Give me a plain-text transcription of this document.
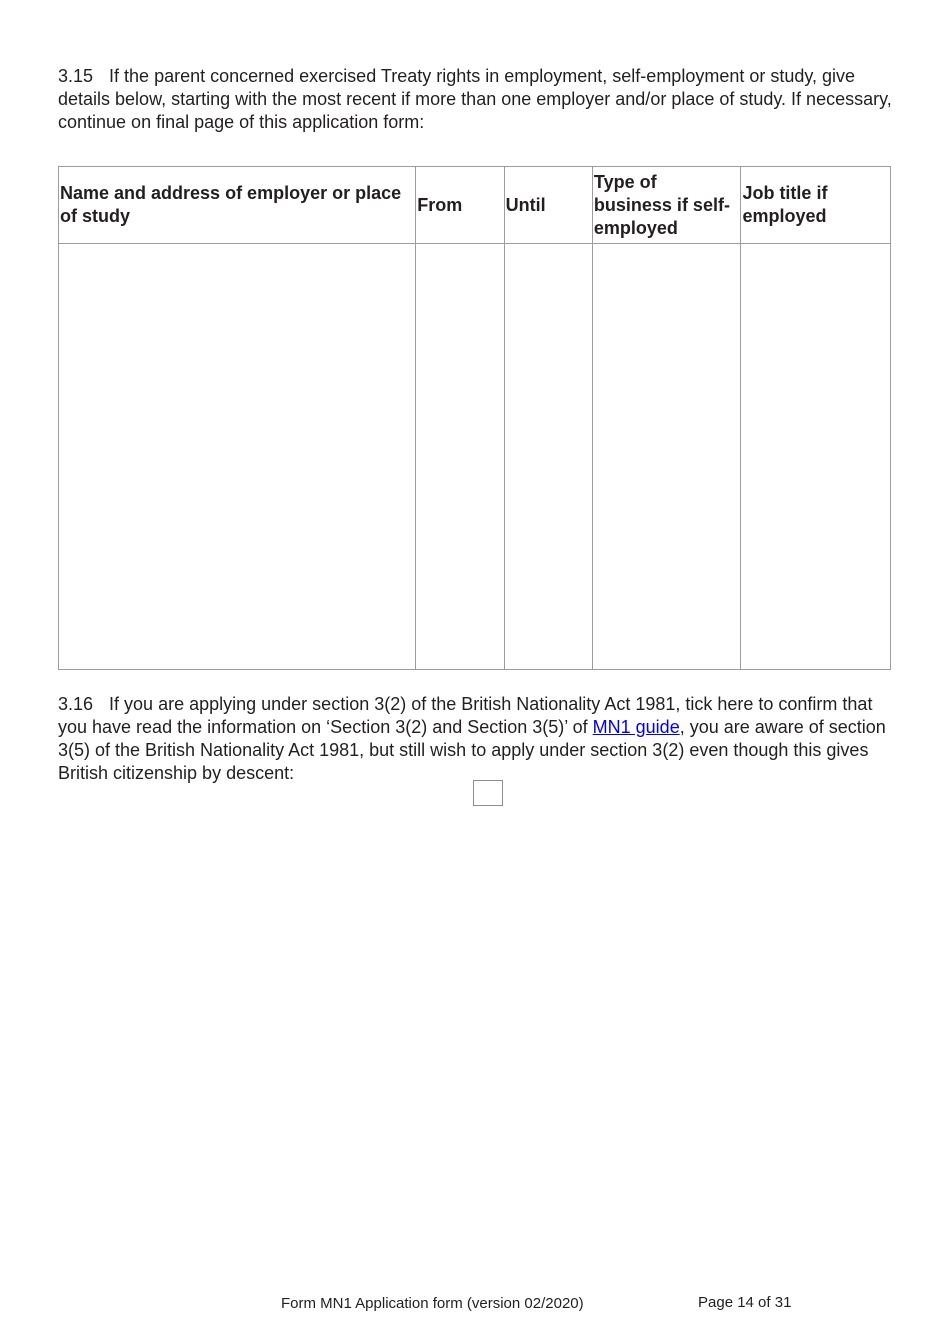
3.15 If the parent concerned exercised Treaty rights in employment, self-employment or study, give details below, starting with the most recent if more than one employer and/or place of study. If necessary, continue on final page of this application form:

Name and address of employer or place of study	From	Until	Type of business if self-employed	Job title if employed

3.16 If you are applying under section 3(2) of the British Nationality Act 1981, tick here to confirm that you have read the information on ‘Section 3(2) and Section 3(5)’ of MN1 guide, you are aware of section 3(5) of the British Nationality Act 1981, but still wish to apply under section 3(2) even though this gives British citizenship by descent:

Form MN1 Application form (version 02/2020)	Page 14 of 31
